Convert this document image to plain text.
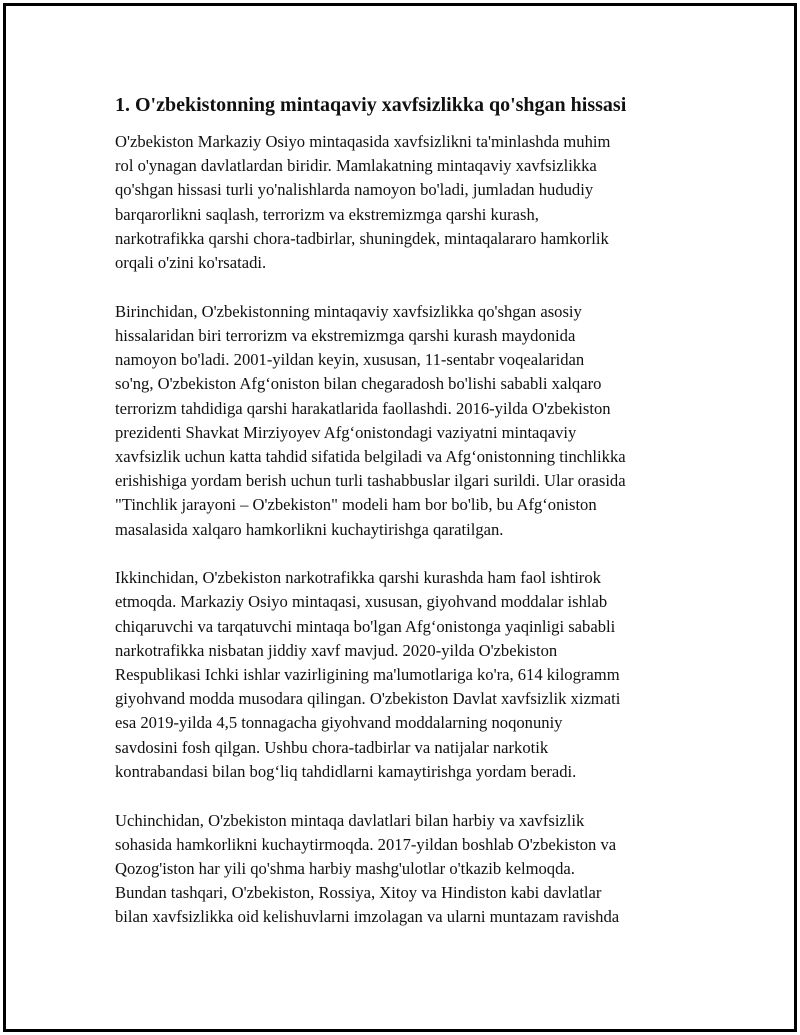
1. O'zbekistonning mintaqaviy xavfsizlikka qo'shgan hissasi
O'zbekiston Markaziy Osiyo mintaqasida xavfsizlikni ta'minlashda muhim
rol o'ynagan davlatlardan biridir. Mamlakatning mintaqaviy xavfsizlikka
qo'shgan hissasi turli yo'nalishlarda namoyon bo'ladi, jumladan hududiy
barqarorlikni saqlash, terrorizm va ekstremizmga qarshi kurash,
narkotrafikka qarshi chora-tadbirlar, shuningdek, mintaqalararo hamkorlik
orqali o'zini ko'rsatadi.
Birinchidan, O'zbekistonning mintaqaviy xavfsizlikka qo'shgan asosiy
hissalaridan biri terrorizm va ekstremizmga qarshi kurash maydonida
namoyon bo'ladi. 2001-yildan keyin, xususan, 11-sentabr voqealaridan
so'ng, O'zbekiston Afg‘oniston bilan chegaradosh bo'lishi sababli xalqaro
terrorizm tahdidiga qarshi harakatlarida faollashdi. 2016-yilda O'zbekiston
prezidenti Shavkat Mirziyoyev Afg‘onistondagi vaziyatni mintaqaviy
xavfsizlik uchun katta tahdid sifatida belgiladi va Afg‘onistonning tinchlikka
erishishiga yordam berish uchun turli tashabbuslar ilgari surildi. Ular orasida
"Tinchlik jarayoni – O'zbekiston" modeli ham bor bo'lib, bu Afg‘oniston
masalasida xalqaro hamkorlikni kuchaytirishga qaratilgan.
Ikkinchidan, O'zbekiston narkotrafikka qarshi kurashda ham faol ishtirok
etmoqda. Markaziy Osiyo mintaqasi, xususan, giyohvand moddalar ishlab
chiqaruvchi va tarqatuvchi mintaqa bo'lgan Afg‘onistonga yaqinligi sababli
narkotrafikka nisbatan jiddiy xavf mavjud. 2020-yilda O'zbekiston
Respublikasi Ichki ishlar vazirligining ma'lumotlariga ko'ra, 614 kilogramm
giyohvand modda musodara qilingan. O'zbekiston Davlat xavfsizlik xizmati
esa 2019-yilda 4,5 tonnagacha giyohvand moddalarning noqonuniy
savdosini fosh qilgan. Ushbu chora-tadbirlar va natijalar narkotik
kontrabandasi bilan bog‘liq tahdidlarni kamaytirishga yordam beradi.
Uchinchidan, O'zbekiston mintaqa davlatlari bilan harbiy va xavfsizlik
sohasida hamkorlikni kuchaytirmoqda. 2017-yildan boshlab O'zbekiston va
Qozog'iston har yili qo'shma harbiy mashg'ulotlar o'tkazib kelmoqda.
Bundan tashqari, O'zbekiston, Rossiya, Xitoy va Hindiston kabi davlatlar
bilan xavfsizlikka oid kelishuvlarni imzolagan va ularni muntazam ravishda
